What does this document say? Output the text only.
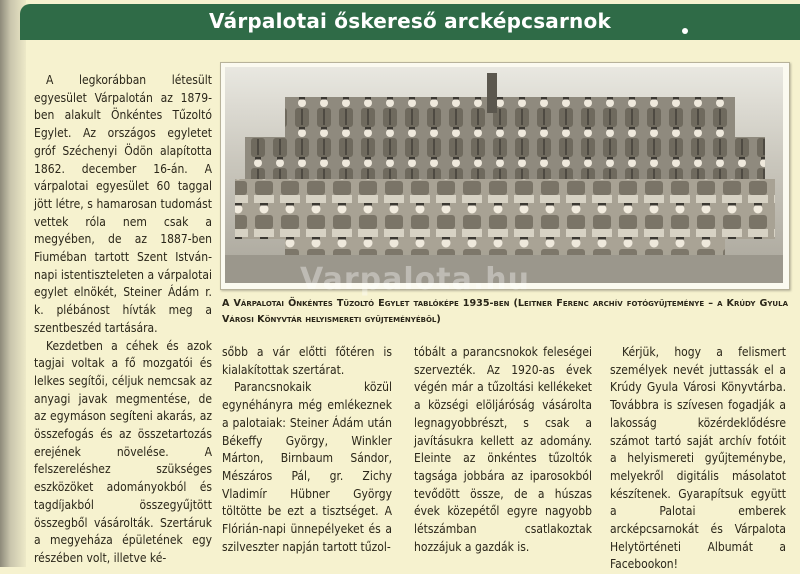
Várpalotai őskereső arcképcsarnok
Varpalota.hu
A Várpalotai Önkéntes Tűzoltó Egylet tablóképe 1935-ben (Leitner Ferenc archív fotógyűjteménye – a Krúdy Gyula Városi Könyvtár helyismereti gyűjteményéből)

A legkorábban létesült egyesület Várpalotán az 1879-ben alakult Önkéntes Tűzoltó Egylet. Az országos egyletet gróf Széchenyi Ödön alapította 1862. december 16-án. A várpalotai egyesület 60 taggal jött létre, s hamarosan tudomást vettek róla nem csak a megyében, de az 1887-ben Fiuméban tartott Szent István-napi istentiszteleten a várpalotai egylet elnökét, Steiner Ádám r. k. plébánost hívták meg a szentbeszéd tartására.

Kezdetben a céhek és azok tagjai voltak a fő mozgatói és lelkes segítői, céljuk nemcsak az anyagi javak megmentése, de az egymáson segíteni akarás, az összefogás és az összetartozás erejének növelése. A felszereléshez szükséges eszközöket adományokból és tagdíjakból összegyűjtött összegből vásárolták. Szertáruk a megyeháza épületének egy részében volt, illetve ké-

sőbb a vár előtti főtéren is kialakítottak szertárat.

Parancsnokaik közül egynéhányra még emlékeznek a palotaiak: Steiner Ádám után Békeffy György, Winkler Márton, Birnbaum Sándor, Mészáros Pál, gr. Zichy Vladimír Hübner György töltötte be ezt a tisztséget. A Flórián-napi ünnepélyeket és a szilveszter napján tartott tűzol-

tóbált a parancsnokok feleségei szervezték. Az 1920-as évek végén már a tűzoltási kellékeket a községi elöljáróság vásárolta legnagyobbrészt, s csak a javításukra kellett az adomány. Eleinte az önkéntes tűzoltók tagsága jobbára az iparosokból tevődött össze, de a húszas évek közepétől egyre nagyobb létszámban csatlakoztak hozzájuk a gazdák is.

Kérjük, hogy a felismert személyek nevét juttassák el a Krúdy Gyula Városi Könyvtárba. Továbbra is szívesen fogadják a lakosság közérdeklődésre számot tartó saját archív fotóit a helyismereti gyűjteménybe, melyekről digitális másolatot készítenek. Gyarapítsuk együtt a Palotai emberek arcképcsarnokát és Várpalota Helytörténeti Albumát a Facebookon!
